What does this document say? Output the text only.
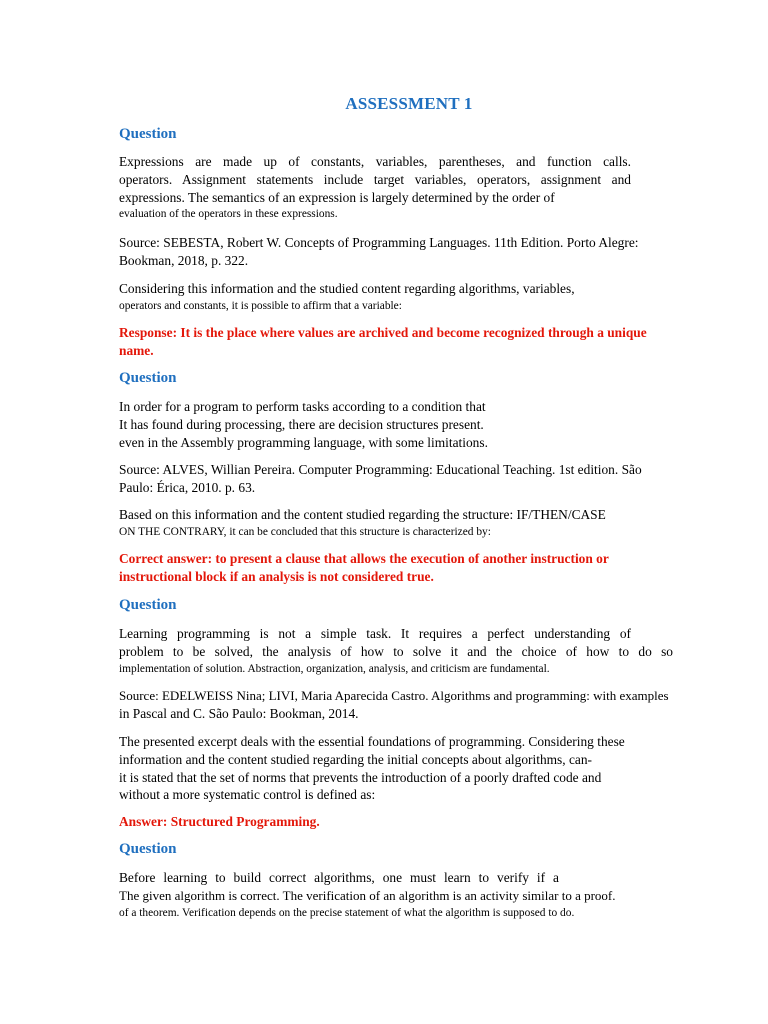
ASSESSMENT 1
Question
Expressions are made up of constants, variables, parentheses, and function calls.
operators. Assignment statements include target variables, operators, assignment and
expressions. The semantics of an expression is largely determined by the order of
evaluation of the operators in these expressions.
Source: SEBESTA, Robert W. Concepts of Programming Languages. 11th Edition. Porto Alegre:
Bookman, 2018, p. 322.
Considering this information and the studied content regarding algorithms, variables,
operators and constants, it is possible to affirm that a variable:
Response: It is the place where values are archived and become recognized through a unique
name.
Question
In order for a program to perform tasks according to a condition that
It has found during processing, there are decision structures present.
even in the Assembly programming language, with some limitations.
Source: ALVES, Willian Pereira. Computer Programming: Educational Teaching. 1st edition. São
Paulo: Érica, 2010. p. 63.
Based on this information and the content studied regarding the structure: IF/THEN/CASE
ON THE CONTRARY, it can be concluded that this structure is characterized by:
Correct answer: to present a clause that allows the execution of another instruction or
instructional block if an analysis is not considered true.
Question
Learning programming is not a simple task. It requires a perfect understanding of
problem to be solved, the analysis of how to solve it and the choice of how to do so
implementation of solution. Abstraction, organization, analysis, and criticism are fundamental.
Source: EDELWEISS Nina; LIVI, Maria Aparecida Castro. Algorithms and programming: with examples
in Pascal and C. São Paulo: Bookman, 2014.
The presented excerpt deals with the essential foundations of programming. Considering these
information and the content studied regarding the initial concepts about algorithms, can-
it is stated that the set of norms that prevents the introduction of a poorly drafted code and
without a more systematic control is defined as:
Answer: Structured Programming.
Question
Before learning to build correct algorithms, one must learn to verify if a
The given algorithm is correct. The verification of an algorithm is an activity similar to a proof.
of a theorem. Verification depends on the precise statement of what the algorithm is supposed to do.
